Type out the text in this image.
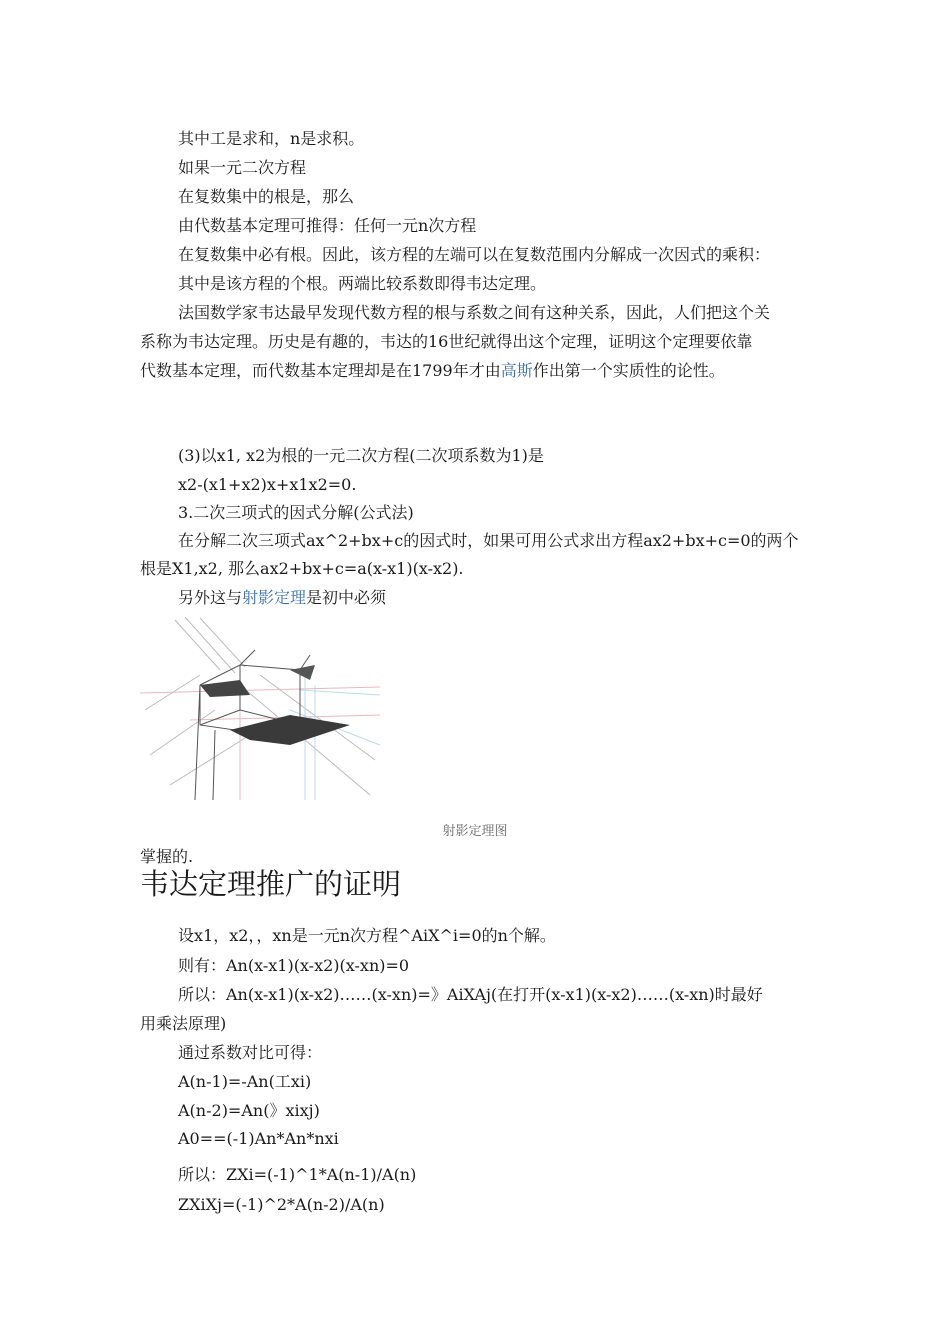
其中工是求和，n是求积。
如果一元二次方程
在复数集中的根是，那么
由代数基本定理可推得：任何一元n次方程
在复数集中必有根。因此，该方程的左端可以在复数范围内分解成一次因式的乘积：
其中是该方程的个根。两端比较系数即得韦达定理。
法国数学家韦达最早发现代数方程的根与系数之间有这种关系，因此，人们把这个关
系称为韦达定理。历史是有趣的，韦达的16世纪就得出这个定理，证明这个定理要依靠
代数基本定理，而代数基本定理却是在1799年才由高斯作出第一个实质性的论性。
(3)以x1, x2为根的一元二次方程(二次项系数为1)是
x2-(x1+x2)x+x1x2=0.
3.二次三项式的因式分解(公式法)
在分解二次三项式ax^2+bx+c的因式时，如果可用公式求出方程ax2+bx+c=0的两个
根是X1,x2, 那么ax2+bx+c=a(x-x1)(x-x2).
另外这与射影定理是初中必须
射影定理图
掌握的.
韦达定理推广的证明
设x1，x2，，xn是一元n次方程^AiX^i=0的n个解。
则有：An(x-x1)(x-x2)(x-xn)=0
所以：An(x-x1)(x-x2)……(x-xn)=》AiXAj(在打开(x-x1)(x-x2)……(x-xn)时最好
用乘法原理)
通过系数对比可得：
A(n-1)=-An(工xi)
A(n-2)=An(》xixj)
A0==(-1)An*An*nxi
所以：ZXi=(-1)^1*A(n-1)/A(n)
ZXiXj=(-1)^2*A(n-2)/A(n)
